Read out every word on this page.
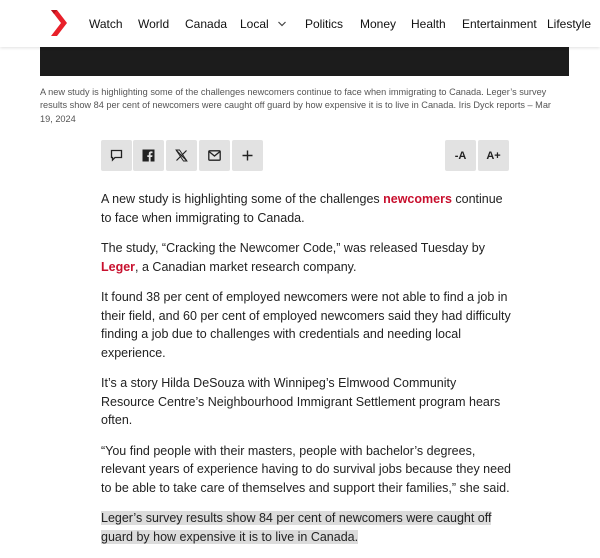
Watch	World	Canada	Local	Politics	Money	Health	Entertainment Lifestyle
A new study is highlighting some of the challenges newcomers continue to face when immigrating to Canada. Leger’s survey results show 84 per cent of newcomers were caught off guard by how expensive it is to live in Canada. Iris Dyck reports – Mar 19, 2024
-A	A+

A new study is highlighting some of the challenges newcomers continue to face when immigrating to Canada.

The study, “Cracking the Newcomer Code,” was released Tuesday by Leger, a Canadian market research company.

It found 38 per cent of employed newcomers were not able to find a job in their field, and 60 per cent of employed newcomers said they had difficulty finding a job due to challenges with credentials and needing local experience.

It’s a story Hilda DeSouza with Winnipeg’s Elmwood Community Resource Centre’s Neighbourhood Immigrant Settlement program hears often.

“You find people with their masters, people with bachelor’s degrees, relevant years of experience having to do survival jobs because they need to be able to take care of themselves and support their families,” she said.

Leger’s survey results show 84 per cent of newcomers were caught off guard by how expensive it is to live in Canada.
